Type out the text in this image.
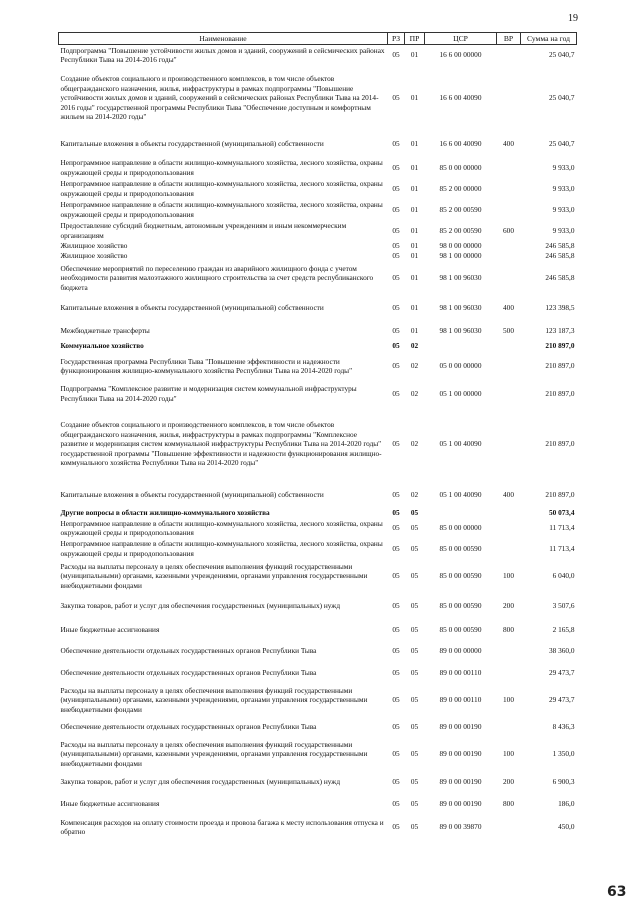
19
Наименование	РЗ	ПР	ЦСР	ВР	Сумма на год
Подпрограмма "Повышение устойчивости жилых домов и зданий, сооружений в сейсмических районах Республики Тыва на 2014-2016 годы"	05	01	16 6 00 00000		25 040,7
Создание объектов социального и производственного комплексов, в том числе объектов общегражданского назначения, жилья, инфраструктуры в рамках подпрограммы "Повышение устойчивости жилых домов и зданий, сооружений в сейсмических районах Республики Тыва на 2014-2016 годы" государственной программы Республики Тыва "Обеспечение доступным и комфортным жильем на 2014-2020 годы"	05	01	16 6 00 40090		25 040,7
Капитальные вложения в объекты государственной (муниципальной) собственности	05	01	16 6 00 40090	400	25 040,7
Непрограммное направление в области жилищно-коммунального хозяйства, лесного хозяйства, охраны окружающей среды и природопользования	05	01	85 0 00 00000		9 933,0
Непрограммное направление в области жилищно-коммунального хозяйства, лесного хозяйства, охраны окружающей среды и природопользования	05	01	85 2 00 00000		9 933,0
Непрограммное направление в области жилищно-коммунального хозяйства, лесного хозяйства, охраны окружающей среды и природопользования	05	01	85 2 00 00590		9 933,0
Предоставление субсидий бюджетным, автономным учреждениям и иным некоммерческим организациям	05	01	85 2 00 00590	600	9 933,0
Жилищное хозяйство	05	01	98 0 00 00000		246 585,8
Жилищное хозяйство	05	01	98 1 00 00000		246 585,8
Обеспечение мероприятий по переселению граждан из аварийного жилищного фонда с учетом необходимости развития малоэтажного жилищного строительства за счет средств республиканского бюджета	05	01	98 1 00 96030		246 585,8
Капитальные вложения в объекты государственной (муниципальной) собственности	05	01	98 1 00 96030	400	123 398,5
Межбюджетные трансферты	05	01	98 1 00 96030	500	123 187,3
Коммунальное хозяйство	05	02			210 897,0
Государственная программа Республики Тыва "Повышение эффективности и надежности функционирования жилищно-коммунального хозяйства Республики Тыва на 2014-2020 годы"	05	02	05 0 00 00000		210 897,0
Подпрограмма "Комплексное развитие и модернизация систем коммунальной инфраструктуры Республики Тыва на 2014-2020 годы"	05	02	05 1 00 00000		210 897,0
Создание объектов социального и производственного комплексов, в том числе объектов общегражданского назначения, жилья, инфраструктуры в рамках подпрограммы "Комплексное развитие и модернизация систем коммунальной инфраструктуры Республики Тыва на 2014-2020 годы" государственной программы "Повышение эффективности и надежности функционирования жилищно-коммунального хозяйства Республики Тыва на 2014-2020 годы"	05	02	05 1 00 40090		210 897,0
Капитальные вложения в объекты государственной (муниципальной) собственности	05	02	05 1 00 40090	400	210 897,0
Другие вопросы в области жилищно-коммунального хозяйства	05	05			50 073,4
Непрограммное направление в области жилищно-коммунального хозяйства, лесного хозяйства, охраны окружающей среды и природопользования	05	05	85 0 00 00000		11 713,4
Непрограммное направление в области жилищно-коммунального хозяйства, лесного хозяйства, охраны окружающей среды и природопользования	05	05	85 0 00 00590		11 713,4
Расходы на выплаты персоналу в целях обеспечения выполнения функций государственными (муниципальными) органами, казенными учреждениями, органами управления государственными внебюджетными фондами	05	05	85 0 00 00590	100	6 040,0
Закупка товаров, работ и услуг для обеспечения государственных (муниципальных) нужд	05	05	85 0 00 00590	200	3 507,6
Иные бюджетные ассигнования	05	05	85 0 00 00590	800	2 165,8
Обеспечение деятельности отдельных государственных органов Республики Тыва	05	05	89 0 00 00000		38 360,0
Обеспечение деятельности отдельных государственных органов Республики Тыва	05	05	89 0 00 00110		29 473,7
Расходы на выплаты персоналу в целях обеспечения выполнения функций государственными (муниципальными) органами, казенными учреждениями, органами управления государственными внебюджетными фондами	05	05	89 0 00 00110	100	29 473,7
Обеспечение деятельности отдельных государственных органов Республики Тыва	05	05	89 0 00 00190		8 436,3
Расходы на выплаты персоналу в целях обеспечения выполнения функций государственными (муниципальными) органами, казенными учреждениями, органами управления государственными внебюджетными фондами	05	05	89 0 00 00190	100	1 350,0
Закупка товаров, работ и услуг для обеспечения государственных (муниципальных) нужд	05	05	89 0 00 00190	200	6 900,3
Иные бюджетные ассигнования	05	05	89 0 00 00190	800	186,0
Компенсация расходов на оплату стоимости проезда и провоза багажа к месту использования отпуска и обратно	05	05	89 0 00 39870		450,0
63
